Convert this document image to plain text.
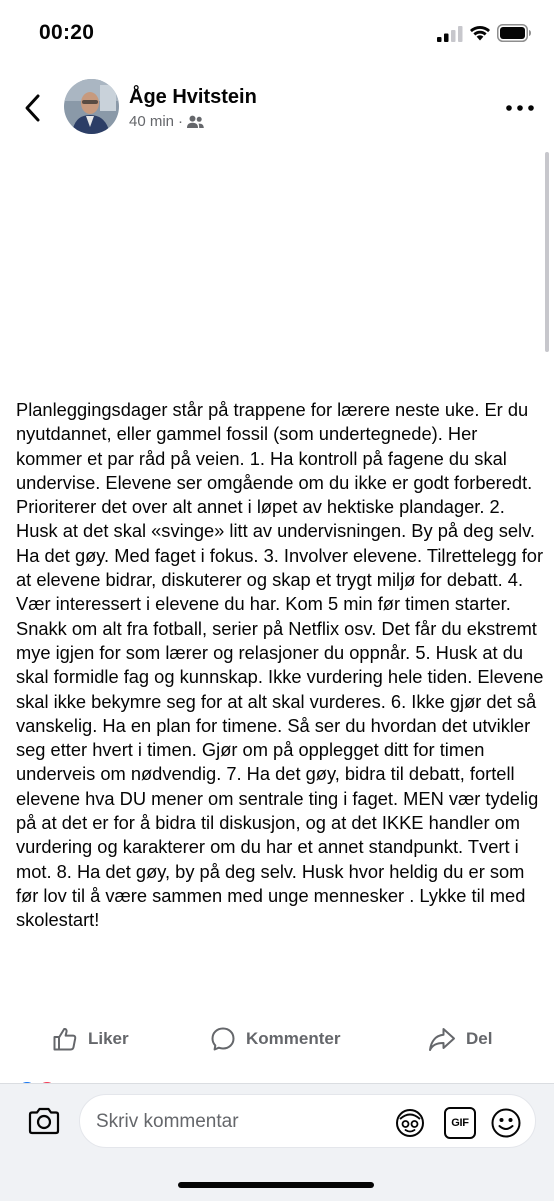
00:20
Åge Hvitstein
40 min ·

Planleggingsdager står på trappene for lærere neste uke. Er du nyutdannet, eller gammel fossil (som undertegnede). Her kommer et par råd på veien. 1. Ha kontroll på fagene du skal undervise. Elevene ser omgående om du ikke er godt forberedt. Prioriterer det over alt annet i løpet av hektiske plandager. 2. Husk at det skal «svinge» litt av undervisningen. By på deg selv. Ha det gøy. Med faget i fokus. 3. Involver elevene. Tilrettelegg for at elevene bidrar, diskuterer og skap et trygt miljø for debatt. 4. Vær interessert i elevene du har. Kom 5 min før timen starter. Snakk om alt fra fotball, serier på Netflix osv. Det får du ekstremt mye igjen for som lærer og relasjoner du oppnår. 5. Husk at du skal formidle fag og kunnskap. Ikke vurdering hele tiden. Elevene skal ikke bekymre seg for at alt skal vurderes. 6. Ikke gjør det så vanskelig. Ha en plan for timene. Så ser du hvordan det utvikler seg etter hvert i timen. Gjør om på opplegget ditt for timen underveis om nødvendig. 7. Ha det gøy, bidra til debatt, fortell elevene hva DU mener om sentrale ting i faget. MEN vær tydelig på at det er for å bidra til diskusjon, og at det IKKE handler om vurdering og karakterer om du har et annet standpunkt. Tvert i mot. 8. Ha det gøy, by på deg selv. Husk hvor heldig du er som før lov til å være sammen med unge mennesker . Lykke til med skolestart!

Liker	Kommenter	Del
Skriv kommentar
GIF
